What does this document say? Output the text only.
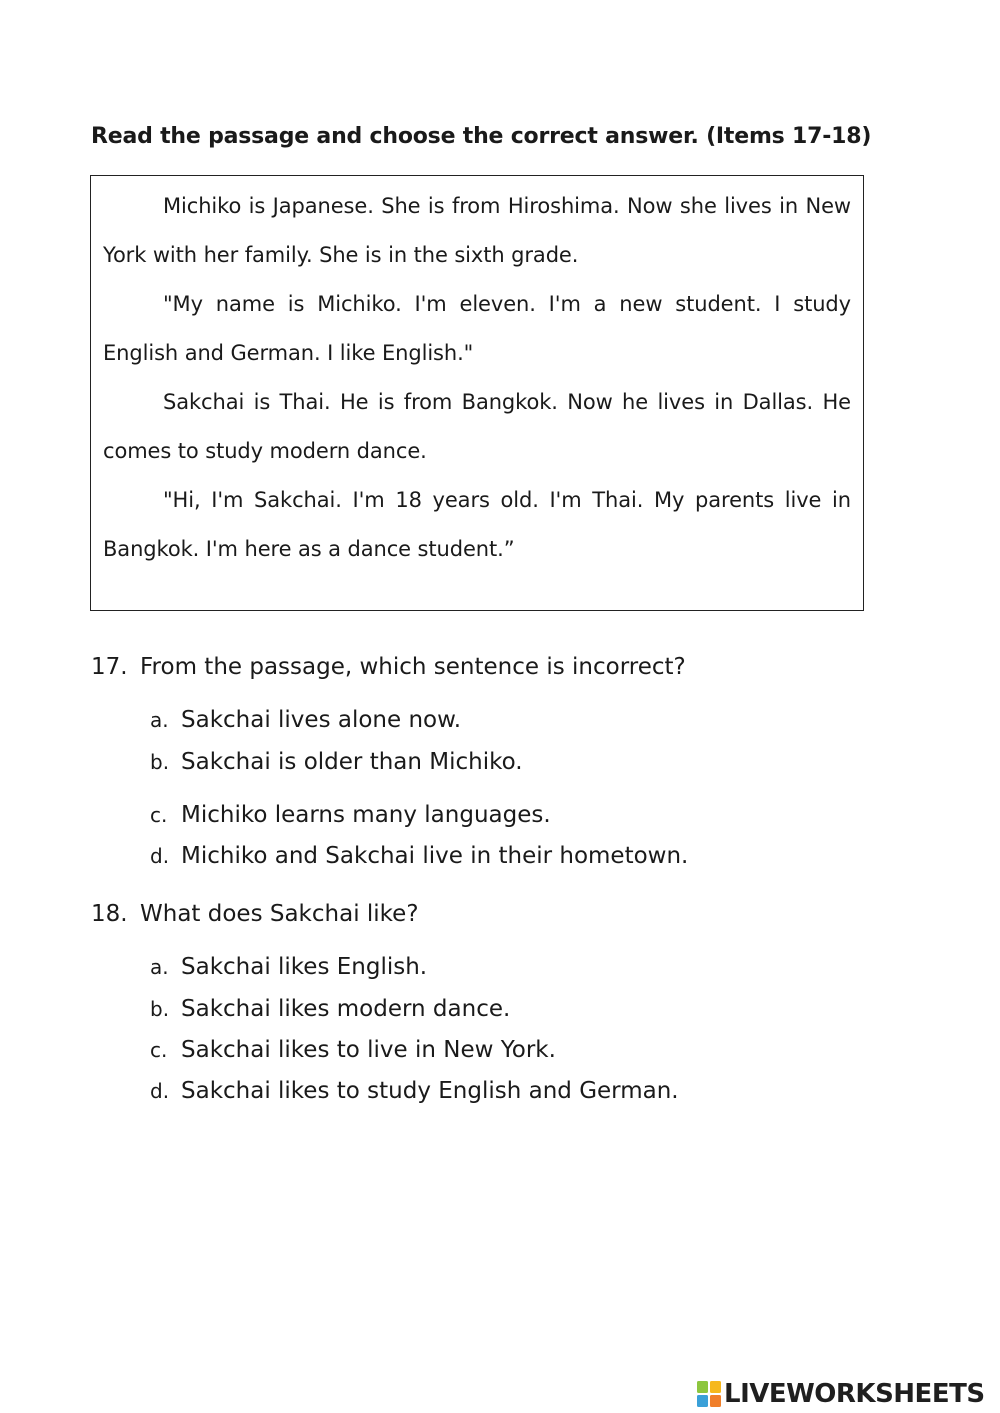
Read the passage and choose the correct answer. (Items 17-18)

Michiko is Japanese. She is from Hiroshima. Now she lives in New York with her family. She is in the sixth grade.

"My name is Michiko. I'm eleven. I'm a new student. I study English and German. I like English."

Sakchai is Thai. He is from Bangkok. Now he lives in Dallas. He comes to study modern dance.

"Hi, I'm Sakchai. I'm 18 years old. I'm Thai. My parents live in Bangkok. I'm here as a dance student.”

17. From the passage, which sentence is incorrect?
a. Sakchai lives alone now.
b. Sakchai is older than Michiko.
c. Michiko learns many languages.
d. Michiko and Sakchai live in their hometown.
18. What does Sakchai like?
a. Sakchai likes English.
b. Sakchai likes modern dance.
c. Sakchai likes to live in New York.
d. Sakchai likes to study English and German.
LIVEWORKSHEETS
